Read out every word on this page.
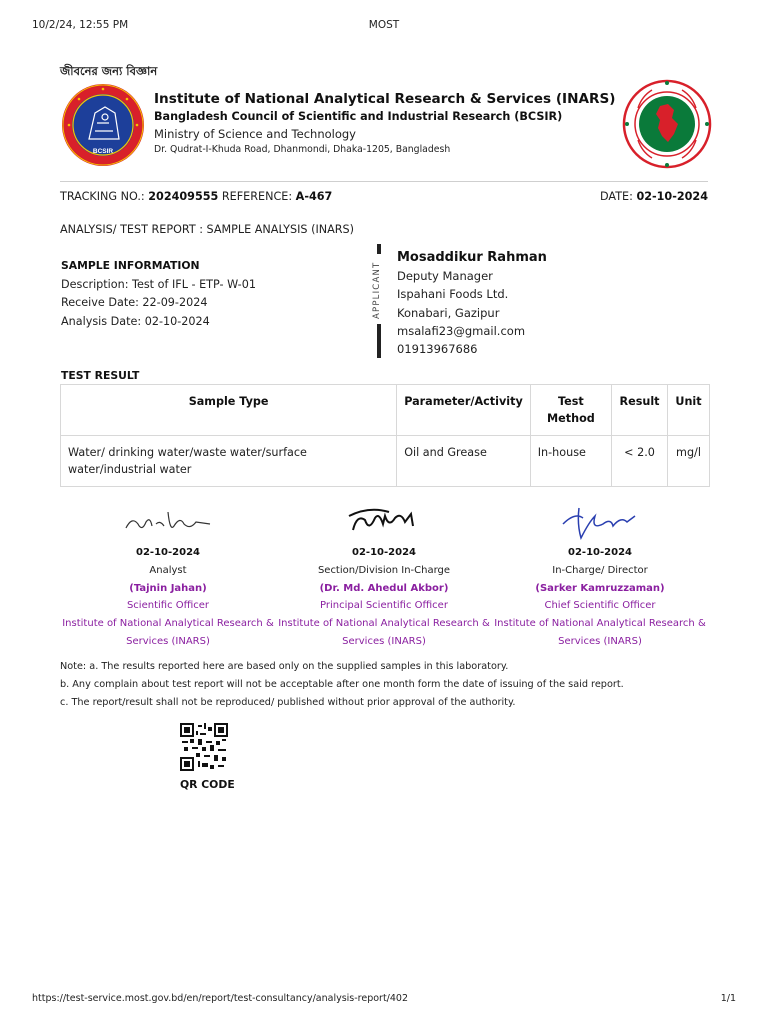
10/2/24, 12:55 PM	MOST
জীবনের জন্য বিজ্ঞান
BCSIR
Institute of National Analytical Research & Services (INARS)
Bangladesh Council of Scientific and Industrial Research (BCSIR)
Ministry of Science and Technology
Dr. Qudrat-I-Khuda Road, Dhanmondi, Dhaka-1205, Bangladesh
TRACKING NO.: 202409555 REFERENCE: A-467	DATE: 02-10-2024
ANALYSIS/ TEST REPORT : SAMPLE ANALYSIS (INARS)
SAMPLE INFORMATION
Description: Test of IFL - ETP- W-01
Receive Date: 22-09-2024
Analysis Date: 02-10-2024
APPLICANT
Mosaddikur Rahman
Deputy Manager
Ispahani Foods Ltd.
Konabari, Gazipur
msalafi23@gmail.com
01913967686
TEST RESULT
Sample Type	Parameter/Activity	Test Method	Result	Unit
Water/ drinking water/waste water/surface water/industrial water	Oil and Grease	In-house	< 2.0	mg/l
02-10-2024
Analyst
(Tajnin Jahan)
Scientific Officer
Institute of National Analytical Research & Services (INARS)
02-10-2024
Section/Division In-Charge
(Dr. Md. Ahedul Akbor)
Principal Scientific Officer
Institute of National Analytical Research & Services (INARS)
02-10-2024
In-Charge/ Director
(Sarker Kamruzzaman)
Chief Scientific Officer
Institute of National Analytical Research & Services (INARS)
Note: a. The results reported here are based only on the supplied samples in this laboratory.
b. Any complain about test report will not be acceptable after one month form the date of issuing of the said report.
c. The report/result shall not be reproduced/ published without prior approval of the authority.
QR CODE
https://test-service.most.gov.bd/en/report/test-consultancy/analysis-report/402	1/1
